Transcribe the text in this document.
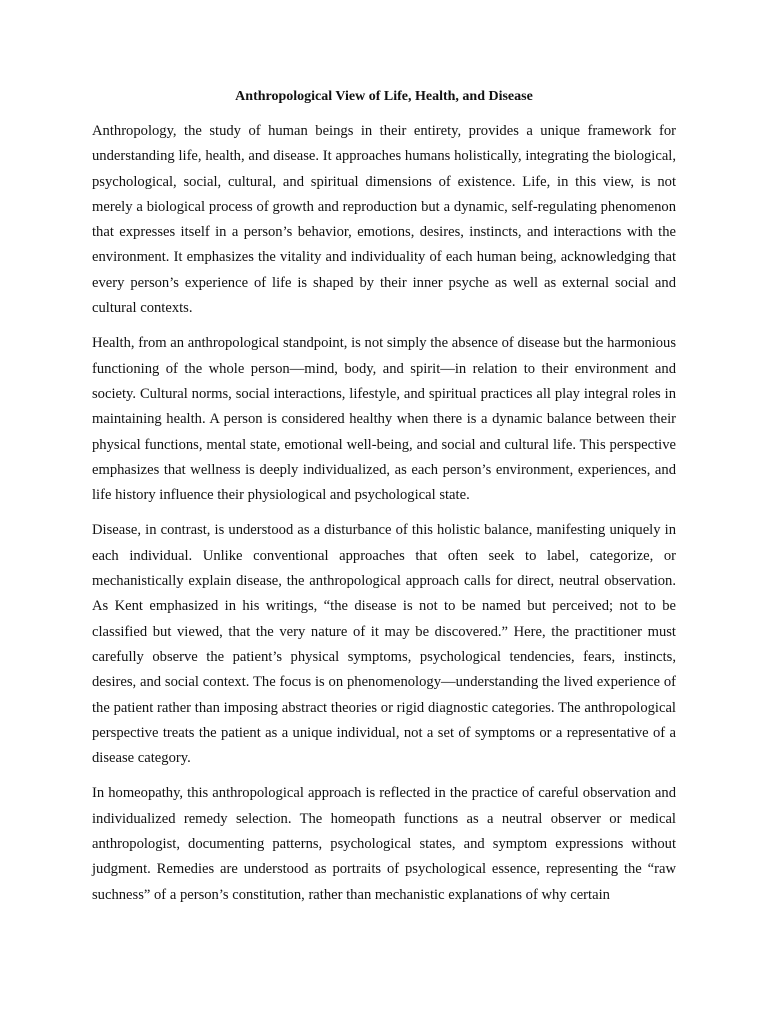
Anthropological View of Life, Health, and Disease

Anthropology, the study of human beings in their entirety, provides a unique framework for understanding life, health, and disease. It approaches humans holistically, integrating the biological, psychological, social, cultural, and spiritual dimensions of existence. Life, in this view, is not merely a biological process of growth and reproduction but a dynamic, self-regulating phenomenon that expresses itself in a person’s behavior, emotions, desires, instincts, and interactions with the environment. It emphasizes the vitality and individuality of each human being, acknowledging that every person’s experience of life is shaped by their inner psyche as well as external social and cultural contexts.

Health, from an anthropological standpoint, is not simply the absence of disease but the harmonious functioning of the whole person—mind, body, and spirit—in relation to their environment and society. Cultural norms, social interactions, lifestyle, and spiritual practices all play integral roles in maintaining health. A person is considered healthy when there is a dynamic balance between their physical functions, mental state, emotional well-being, and social and cultural life. This perspective emphasizes that wellness is deeply individualized, as each person’s environment, experiences, and life history influence their physiological and psychological state.

Disease, in contrast, is understood as a disturbance of this holistic balance, manifesting uniquely in each individual. Unlike conventional approaches that often seek to label, categorize, or mechanistically explain disease, the anthropological approach calls for direct, neutral observation. As Kent emphasized in his writings, “the disease is not to be named but perceived; not to be classified but viewed, that the very nature of it may be discovered.” Here, the practitioner must carefully observe the patient’s physical symptoms, psychological tendencies, fears, instincts, desires, and social context. The focus is on phenomenology—understanding the lived experience of the patient rather than imposing abstract theories or rigid diagnostic categories. The anthropological perspective treats the patient as a unique individual, not a set of symptoms or a representative of a disease category.

In homeopathy, this anthropological approach is reflected in the practice of careful observation and individualized remedy selection. The homeopath functions as a neutral observer or medical anthropologist, documenting patterns, psychological states, and symptom expressions without judgment. Remedies are understood as portraits of psychological essence, representing the “raw suchness” of a person’s constitution, rather than mechanistic explanations of why certain
